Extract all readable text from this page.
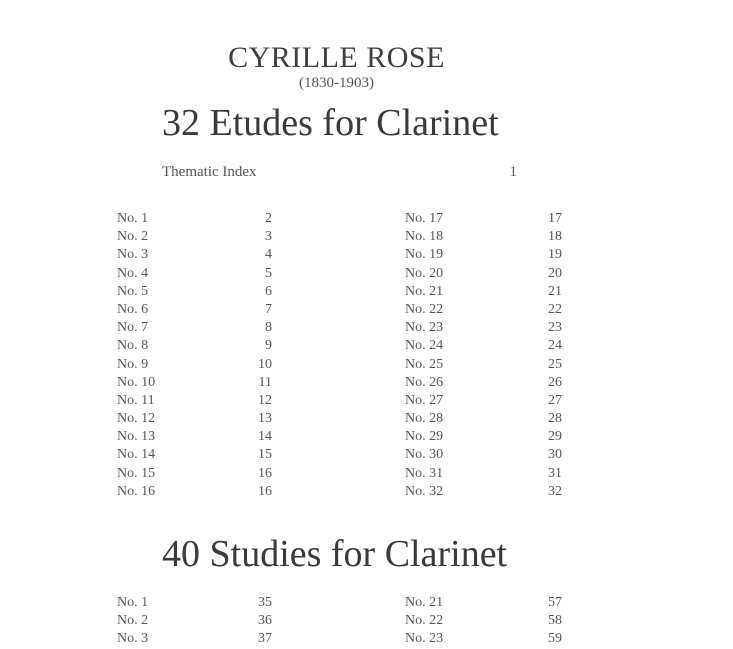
CYRILLE ROSE
(1830-1903)
32 Etudes for Clarinet
Thematic Index	1
No. 1	2	No. 17	17
No. 2	3	No. 18	18
No. 3	4	No. 19	19
No. 4	5	No. 20	20
No. 5	6	No. 21	21
No. 6	7	No. 22	22
No. 7	8	No. 23	23
No. 8	9	No. 24	24
No. 9	10	No. 25	25
No. 10	11	No. 26	26
No. 11	12	No. 27	27
No. 12	13	No. 28	28
No. 13	14	No. 29	29
No. 14	15	No. 30	30
No. 15	16	No. 31	31
No. 16	16	No. 32	32
40 Studies for Clarinet
No. 1	35	No. 21	57
No. 2	36	No. 22	58
No. 3	37	No. 23	59
